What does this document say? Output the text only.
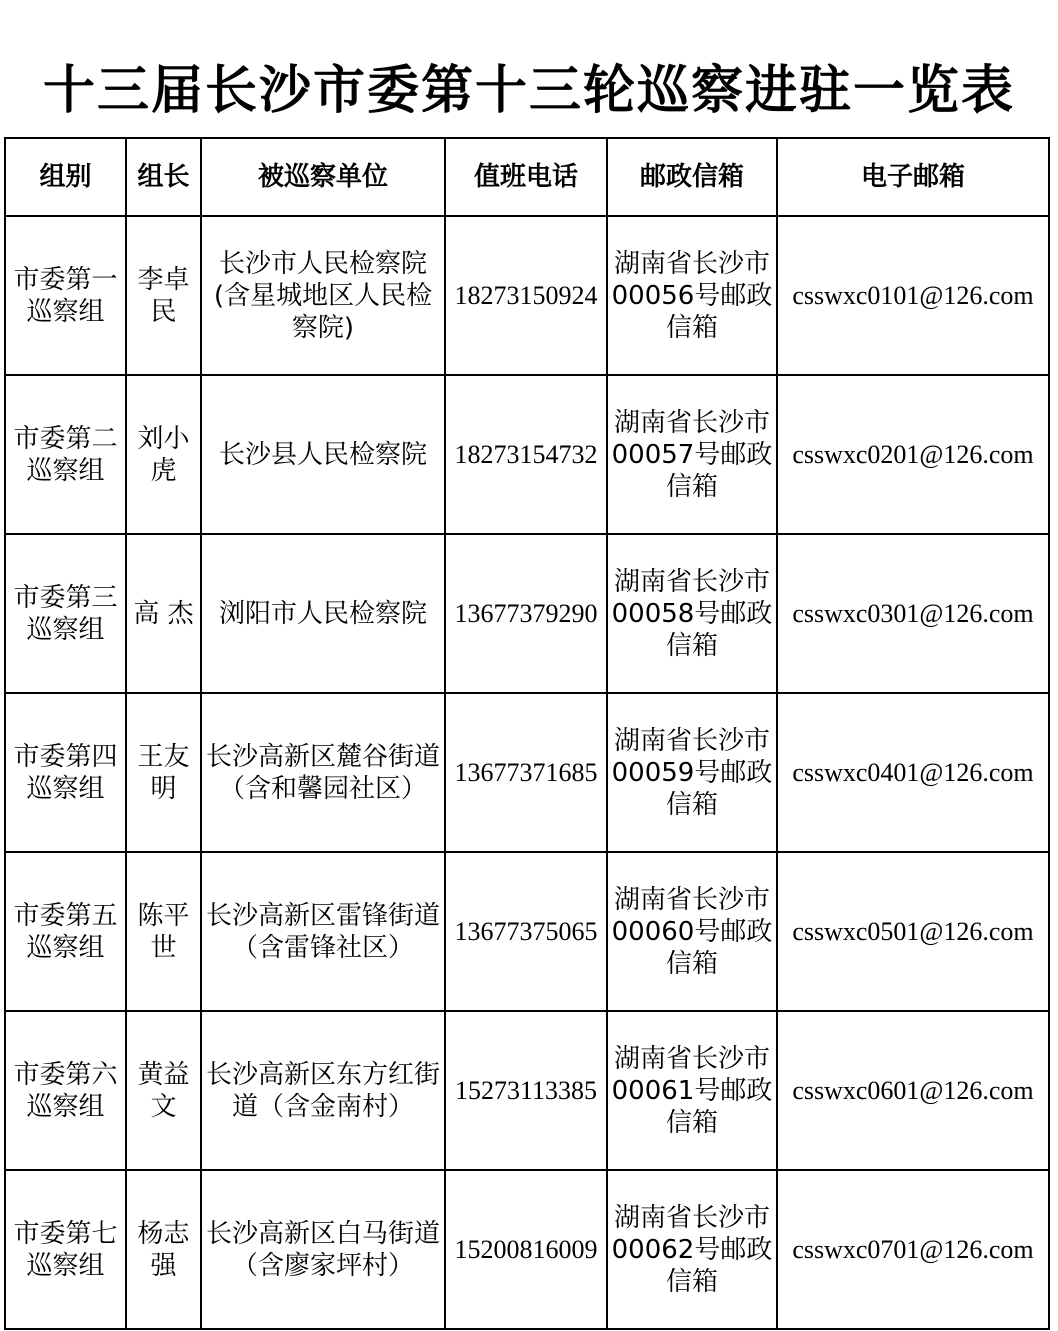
十三届长沙市委第十三轮巡察进驻一览表
组别	组长	被巡察单位	值班电话	邮政信箱	电子邮箱
市委第一巡察组	李卓民	长沙市人民检察院(含星城地区人民检察院)	18273150924	湖南省长沙市00056号邮政信箱	csswxc0101@126.com
市委第二巡察组	刘小虎	长沙县人民检察院	18273154732	湖南省长沙市00057号邮政信箱	csswxc0201@126.com
市委第三巡察组	高 杰	浏阳市人民检察院	13677379290	湖南省长沙市00058号邮政信箱	csswxc0301@126.com
市委第四巡察组	王友明	长沙高新区麓谷街道（含和馨园社区）	13677371685	湖南省长沙市00059号邮政信箱	csswxc0401@126.com
市委第五巡察组	陈平世	长沙高新区雷锋街道（含雷锋社区）	13677375065	湖南省长沙市00060号邮政信箱	csswxc0501@126.com
市委第六巡察组	黄益文	长沙高新区东方红街道（含金南村）	15273113385	湖南省长沙市00061号邮政信箱	csswxc0601@126.com
市委第七巡察组	杨志强	长沙高新区白马街道（含廖家坪村）	15200816009	湖南省长沙市00062号邮政信箱	csswxc0701@126.com
